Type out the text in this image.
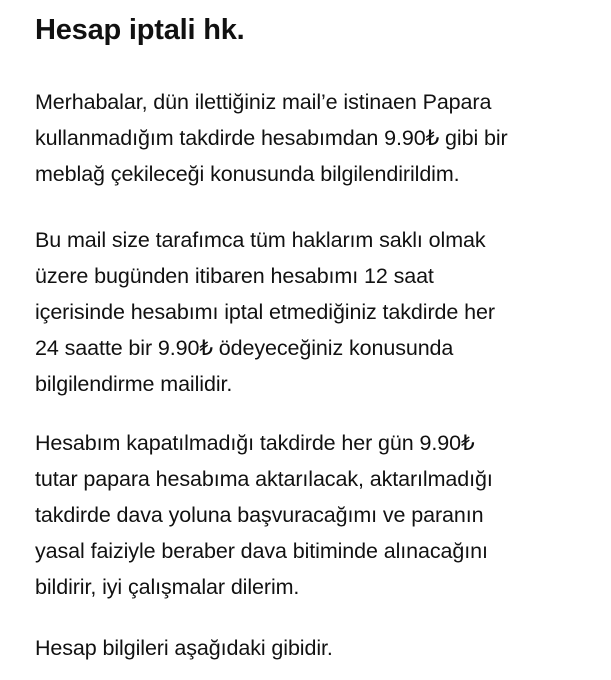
Hesap iptali hk.

Merhabalar, dün ilettiğiniz mail’e istinaen Papara
kullanmadığım takdirde hesabımdan 9.90₺ gibi bir
meblağ çekileceği konusunda bilgilendirildim.

Bu mail size tarafımca tüm haklarım saklı olmak
üzere bugünden itibaren hesabımı 12 saat
içerisinde hesabımı iptal etmediğiniz takdirde her
24 saatte bir 9.90₺ ödeyeceğiniz konusunda
bilgilendirme mailidir.

Hesabım kapatılmadığı takdirde her gün 9.90₺
tutar papara hesabıma aktarılacak, aktarılmadığı
takdirde dava yoluna başvuracağımı ve paranın
yasal faiziyle beraber dava bitiminde alınacağını
bildirir, iyi çalışmalar dilerim.

Hesap bilgileri aşağıdaki gibidir.
